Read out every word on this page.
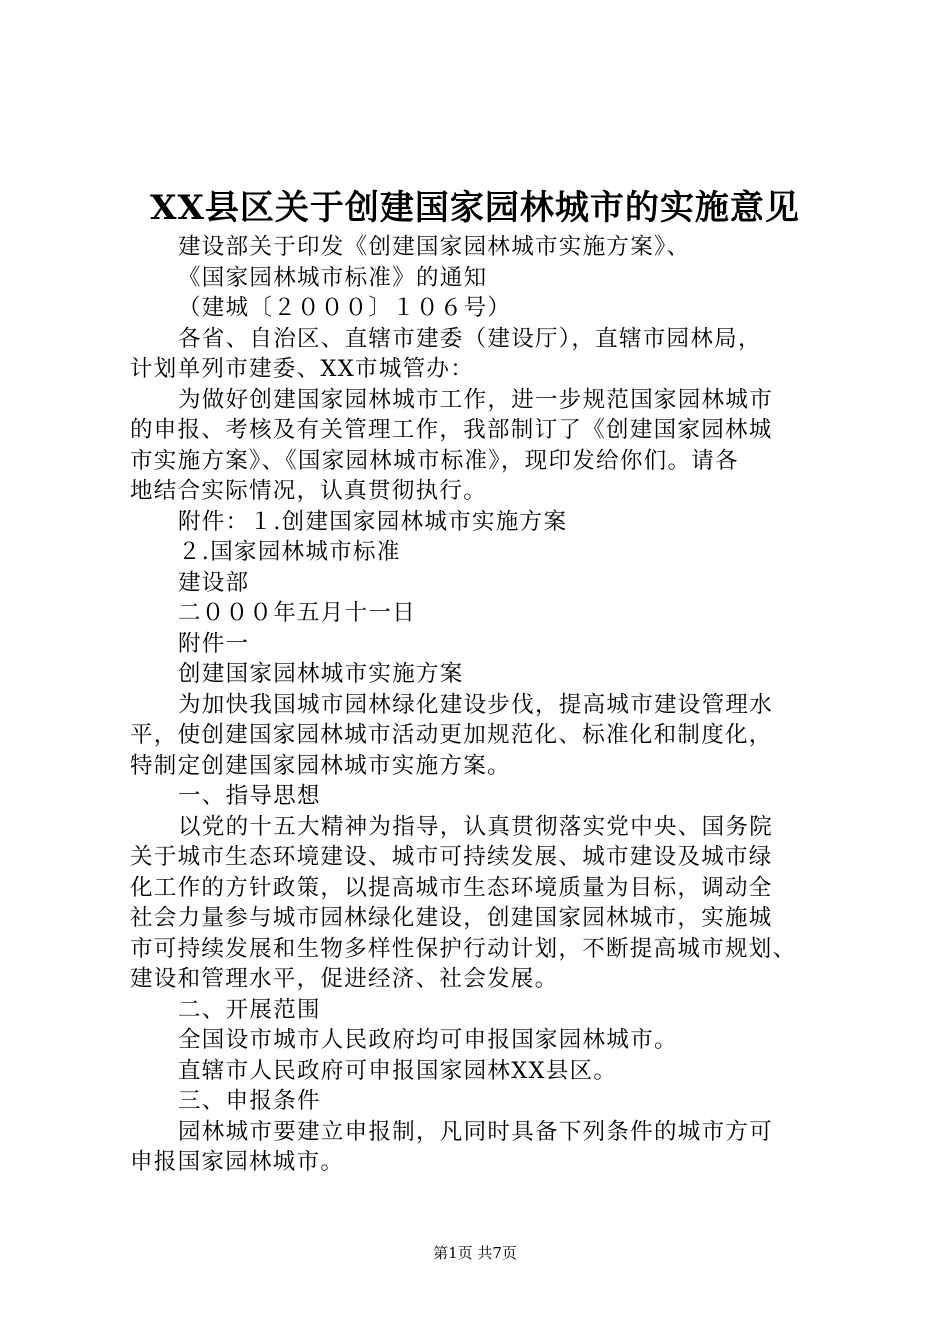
XX县区关于创建国家园林城市的实施意见
建设部关于印发《创建国家园林城市实施方案》、
《国家园林城市标准》的通知
（建城〔２０００〕１０６号）
各省、自治区、直辖市建委（建设厅），直辖市园林局，
计划单列市建委、XX市城管办：
为做好创建国家园林城市工作，进一步规范国家园林城市
的申报、考核及有关管理工作，我部制订了《创建国家园林城
市实施方案》、《国家园林城市标准》，现印发给你们。请各
地结合实际情况，认真贯彻执行。
附件：１.创建国家园林城市实施方案
２.国家园林城市标准
建设部
二０００年五月十一日
附件一
创建国家园林城市实施方案
为加快我国城市园林绿化建设步伐，提高城市建设管理水
平，使创建国家园林城市活动更加规范化、标准化和制度化，
特制定创建国家园林城市实施方案。
一、指导思想
以党的十五大精神为指导，认真贯彻落实党中央、国务院
关于城市生态环境建设、城市可持续发展、城市建设及城市绿
化工作的方针政策，以提高城市生态环境质量为目标，调动全
社会力量参与城市园林绿化建设，创建国家园林城市，实施城
市可持续发展和生物多样性保护行动计划，不断提高城市规划、
建设和管理水平，促进经济、社会发展。
二、开展范围
全国设市城市人民政府均可申报国家园林城市。
直辖市人民政府可申报国家园林XX县区。
三、申报条件
园林城市要建立申报制，凡同时具备下列条件的城市方可
申报国家园林城市。
第1页 共7页
